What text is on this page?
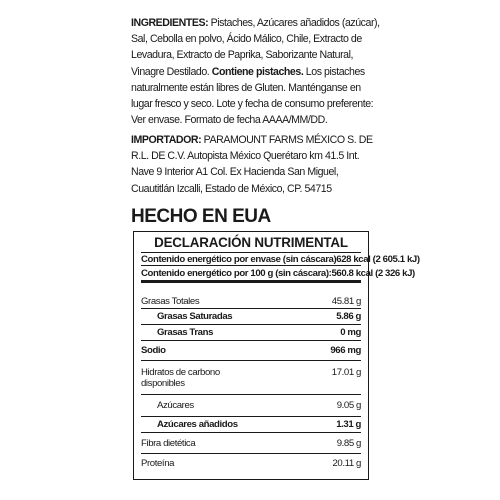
INGREDIENTES: Pistaches, Azúcares añadidos (azúcar), Sal, Cebolla en polvo, Ácido Málico, Chile, Extracto de Levadura, Extracto de Paprika, Saborizante Natural, Vinagre Destilado. Contiene pistaches. Los pistaches naturalmente están libres de Gluten. Manténganse en lugar fresco y seco. Lote y fecha de consumo preferente: Ver envase. Formato de fecha AAAA/MM/DD.
IMPORTADOR: PARAMOUNT FARMS MÉXICO S. DE R.L. DE C.V. Autopista México Querétaro km 41.5 Int. Nave 9 Interior A1 Col. Ex Hacienda San Miguel, Cuautitlán Izcalli, Estado de México, CP. 54715
HECHO EN EUA
DECLARACIÓN NUTRIMENTAL
Contenido energético por envase (sin cáscara) 628 kcal (2 605.1 kJ)
Contenido energético por 100 g (sin cáscara): 560.8 kcal (2 326 kJ)
Grasas Totales	45.81 g
Grasas Saturadas	5.86 g
Grasas Trans	0 mg
Sodio	966 mg
Hidratos de carbono disponibles
17.01 g
Azúcares	9.05 g
Azúcares añadidos	1.31 g
Fibra dietética	9.85 g
Proteína	20.11 g
